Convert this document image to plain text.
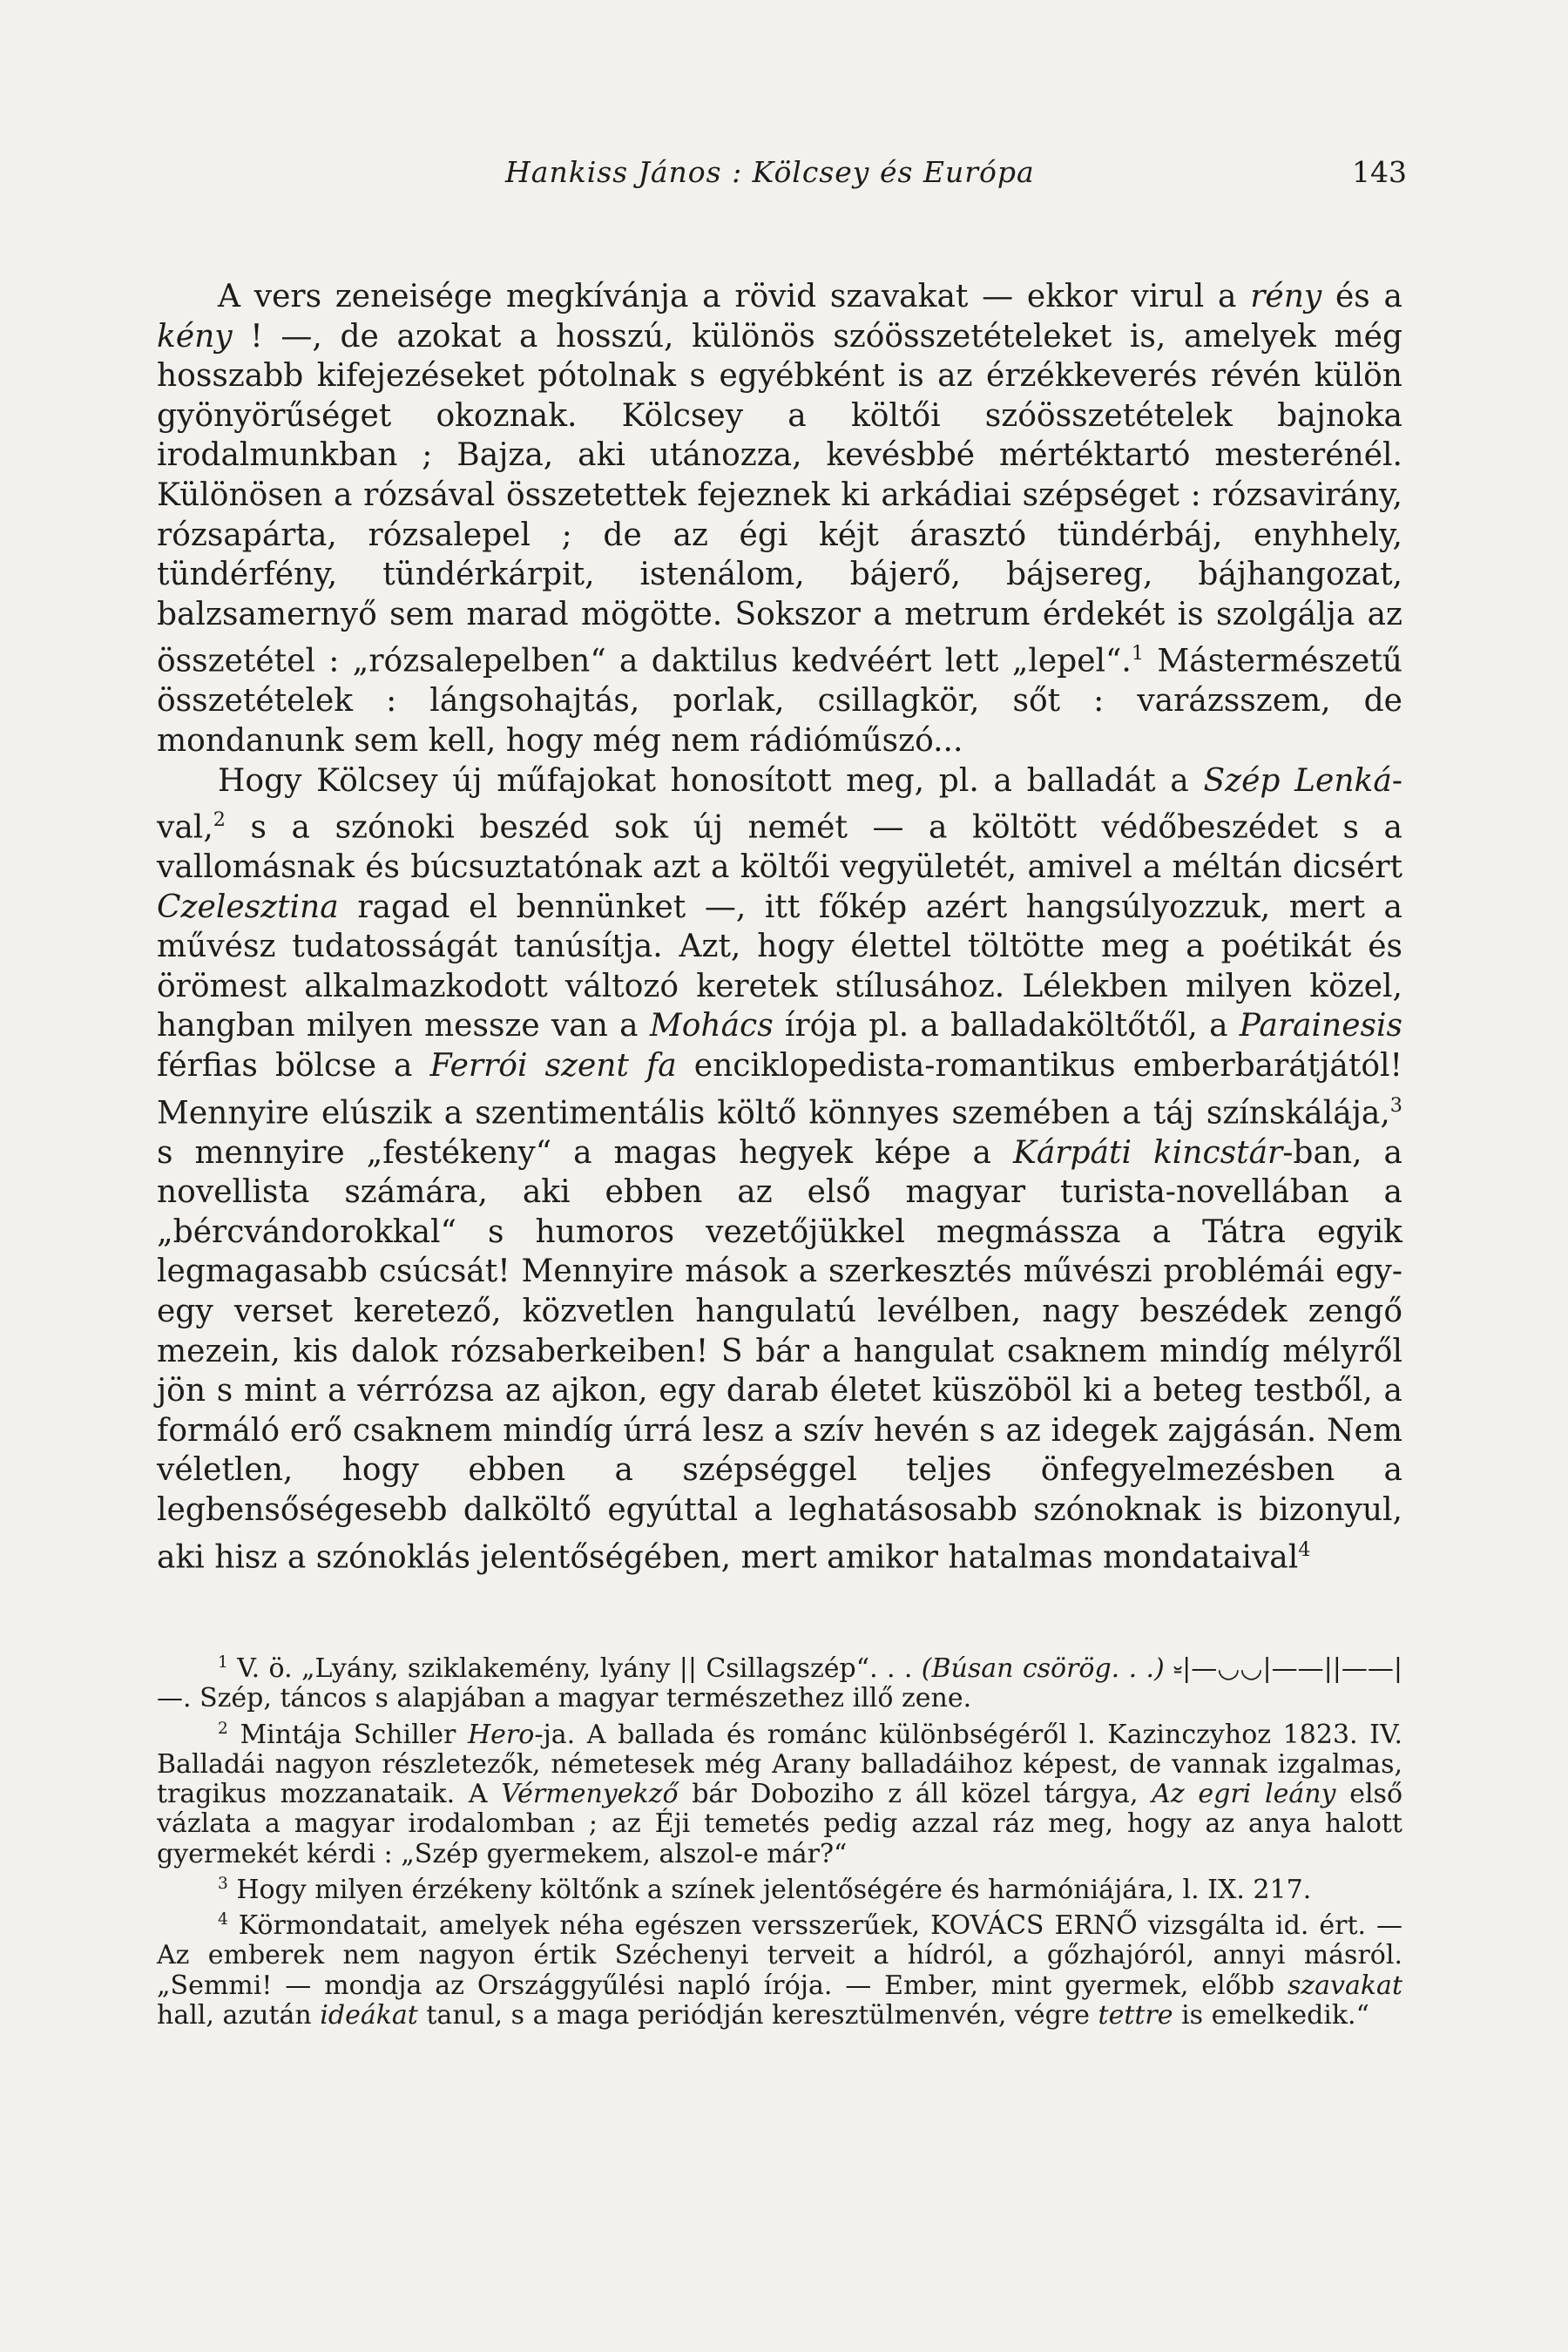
Hankiss János : Kölcsey és Európa	143

A vers zeneisége megkívánja a rövid szavakat — ekkor virul a rény és a kény ! —, de azokat a hosszú, különös szóösszetételeket is, amelyek még hosszabb kifejezéseket pótolnak s egyébként is az érzékkeverés révén külön gyönyörűséget okoznak. Kölcsey a költői szóösszetételek bajnoka irodalmunkban ; Bajza, aki utánozza, kevésbbé mértéktartó mesterénél. Különösen a rózsával összetettek fejeznek ki arkádiai szépséget : rózsavirány, rózsapárta, rózsalepel ; de az égi kéjt árasztó tündérbáj, enyhhely, tündérfény, tündérkárpit, istenálom, bájerő, bájsereg, bájhangozat, balzsamernyő sem marad mögötte. Sokszor a metrum érdekét is szolgálja az összetétel : „rózsalepelben“ a daktilus kedvéért lett „lepel“.$^1$ Mástermészetű összetételek : lángsohajtás, porlak, csillagkör, sőt : varázsszem, de mondanunk sem kell, hogy még nem rádióműszó...

Hogy Kölcsey új műfajokat honosított meg, pl. a balladát a Szép Lenká-val,$^2$ s a szónoki beszéd sok új nemét — a költött védőbeszédet s a vallomásnak és búcsuztatónak azt a költői vegyületét, amivel a méltán dicsért Czelesztina ragad el bennünket —, itt főkép azért hangsúlyozzuk, mert a művész tudatosságát tanúsítja. Azt, hogy élettel töltötte meg a poétikát és örömest alkalmazkodott változó keretek stílusához. Lélekben milyen közel, hangban milyen messze van a Mohács írója pl. a balladaköltőtől, a Parainesis férfias bölcse a Ferrói szent fa enciklopedista-romantikus emberbarátjától! Mennyire elúszik a szentimentális költő könnyes szemében a táj színskálája,$^3$ s mennyire „festékeny“ a magas hegyek képe a Kárpáti kincstár-ban, a novellista számára, aki ebben az első magyar turista-novellában a „bércvándorokkal“ s humoros vezetőjükkel megmássza a Tátra egyik legmagasabb csúcsát! Mennyire mások a szerkesztés művészi problémái egy-egy verset keretező, közvetlen hangulatú levélben, nagy beszédek zengő mezein, kis dalok rózsaberkeiben! S bár a hangulat csaknem mindíg mélyről jön s mint a vérrózsa az ajkon, egy darab életet küszöböl ki a beteg testből, a formáló erő csaknem mindíg úrrá lesz a szív hevén s az idegek zajgásán. Nem véletlen, hogy ebben a szépséggel teljes önfegyelmezésben a legbensőségesebb dalköltő egyúttal a leghatásosabb szónoknak is bizonyul, aki hisz a szónoklás jelentőségében, mert amikor hatalmas mondataival$^4$

$^1$ V. ö. „Lyány, sziklakemény, lyány || Csillagszép“. . . (Búsan csörög. . .) ⏓|—◡◡|——||——|—. Szép, táncos s alapjában a magyar természethez illő zene.

$^2$ Mintája Schiller Hero-ja. A ballada és románc különbségéről l. Kazinczyhoz 1823. IV. Balladái nagyon részletezők, németesek még Arany balladáihoz képest, de vannak izgalmas, tragikus mozzanataik. A Vérmenyekző bár Doboziho z áll közel tárgya, Az egri leány első vázlata a magyar irodalomban ; az Éji temetés pedig azzal ráz meg, hogy az anya halott gyermekét kérdi : „Szép gyermekem, alszol-e már?“

$^3$ Hogy milyen érzékeny költőnk a színek jelentőségére és harmóniájára, l. IX. 217.

$^4$ Körmondatait, amelyek néha egészen versszerűek, KOVÁCS ERNŐ vizsgálta id. ért. — Az emberek nem nagyon értik Széchenyi terveit a hídról, a gőzhajóról, annyi másról. „Semmi! — mondja az Országgyűlési napló írója. — Ember, mint gyermek, előbb szavakat hall, azután ideákat tanul, s a maga periódján keresztülmenvén, végre tettre is emelkedik.“
